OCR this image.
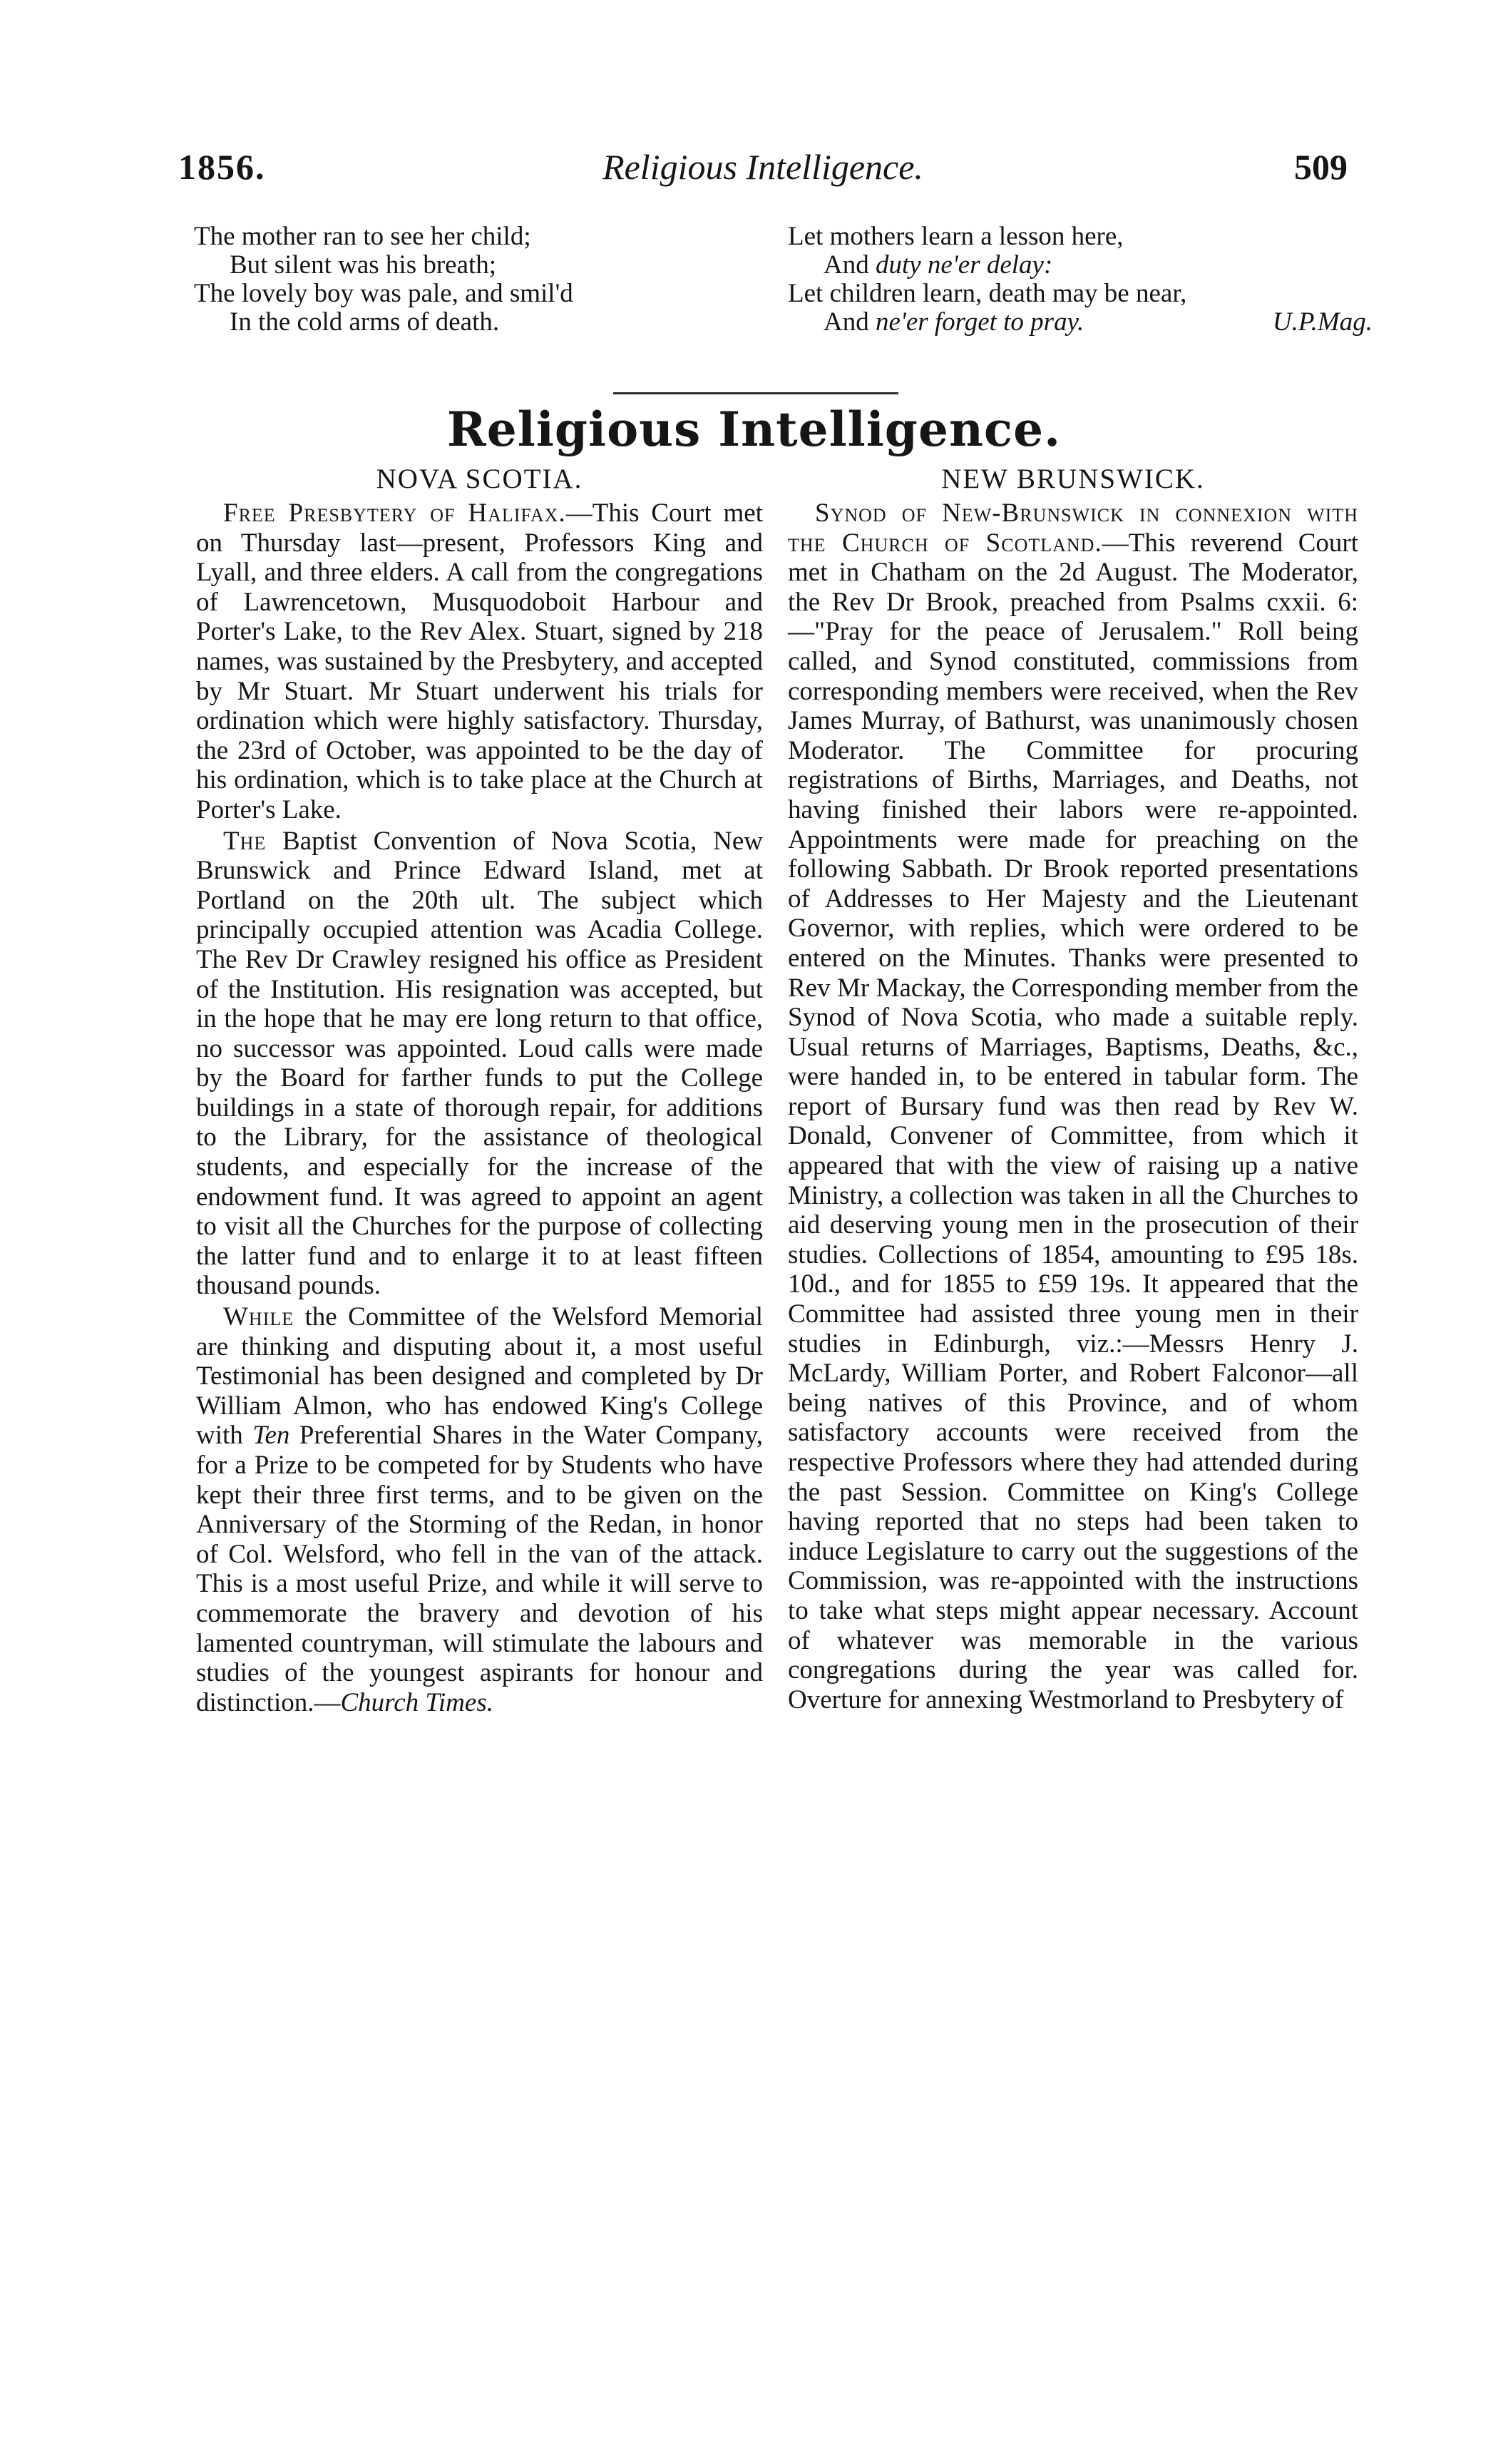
1856.	Religious Intelligence.	509
The mother ran to see her child;
But silent was his breath;
The lovely boy was pale, and smil'd
In the cold arms of death.
Let mothers learn a lesson here,
And duty ne'er delay:
Let children learn, death may be near,
And ne'er forget to pray.	U.P.Mag.
Religious Intelligence.
NOVA SCOTIA.

Free Presbytery of Halifax.—This Court met on Thursday last—present, Professors King and Lyall, and three elders. A call from the congregations of Lawrencetown, Musquodoboit Harbour and Porter's Lake, to the Rev Alex. Stuart, signed by 218 names, was sustained by the Presbytery, and accepted by Mr Stuart. Mr Stuart underwent his trials for ordination which were highly satisfactory. Thursday, the 23rd of October, was appointed to be the day of his ordination, which is to take place at the Church at Porter's Lake.

The Baptist Convention of Nova Scotia, New Brunswick and Prince Edward Island, met at Portland on the 20th ult. The subject which principally occupied attention was Acadia College. The Rev Dr Crawley resigned his office as President of the Institution. His resignation was accepted, but in the hope that he may ere long return to that office, no successor was appointed. Loud calls were made by the Board for farther funds to put the College buildings in a state of thorough repair, for additions to the Library, for the assistance of theological students, and especially for the increase of the endowment fund. It was agreed to appoint an agent to visit all the Churches for the purpose of collecting the latter fund and to enlarge it to at least fifteen thousand pounds.

While the Committee of the Welsford Memorial are thinking and disputing about it, a most useful Testimonial has been designed and completed by Dr William Almon, who has endowed King's College with Ten Preferential Shares in the Water Company, for a Prize to be competed for by Students who have kept their three first terms, and to be given on the Anniversary of the Storming of the Redan, in honor of Col. Welsford, who fell in the van of the attack. This is a most useful Prize, and while it will serve to commemorate the bravery and devotion of his lamented countryman, will stimulate the labours and studies of the youngest aspirants for honour and distinction.—Church Times.

NEW BRUNSWICK.

Synod of New-Brunswick in connexion with the Church of Scotland.—This reverend Court met in Chatham on the 2d August. The Moderator, the Rev Dr Brook, preached from Psalms cxxii. 6:—"Pray for the peace of Jerusalem." Roll being called, and Synod constituted, commissions from corresponding members were received, when the Rev James Murray, of Bathurst, was unanimously chosen Moderator. The Committee for procuring registrations of Births, Marriages, and Deaths, not having finished their labors were re-appointed. Appointments were made for preaching on the following Sabbath. Dr Brook reported presentations of Addresses to Her Majesty and the Lieutenant Governor, with replies, which were ordered to be entered on the Minutes. Thanks were presented to Rev Mr Mackay, the Corresponding member from the Synod of Nova Scotia, who made a suitable reply. Usual returns of Marriages, Baptisms, Deaths, &c., were handed in, to be entered in tabular form. The report of Bursary fund was then read by Rev W. Donald, Convener of Committee, from which it appeared that with the view of raising up a native Ministry, a collection was taken in all the Churches to aid deserving young men in the prosecution of their studies. Collections of 1854, amounting to £95 18s. 10d., and for 1855 to £59 19s. It appeared that the Committee had assisted three young men in their studies in Edinburgh, viz.:—Messrs Henry J. McLardy, William Porter, and Robert Falconor—all being natives of this Province, and of whom satisfactory accounts were received from the respective Professors where they had attended during the past Session. Committee on King's College having reported that no steps had been taken to induce Legislature to carry out the suggestions of the Commission, was re-appointed with the instructions to take what steps might appear necessary. Account of whatever was memorable in the various congregations during the year was called for. Overture for annexing Westmorland to Presbytery of
